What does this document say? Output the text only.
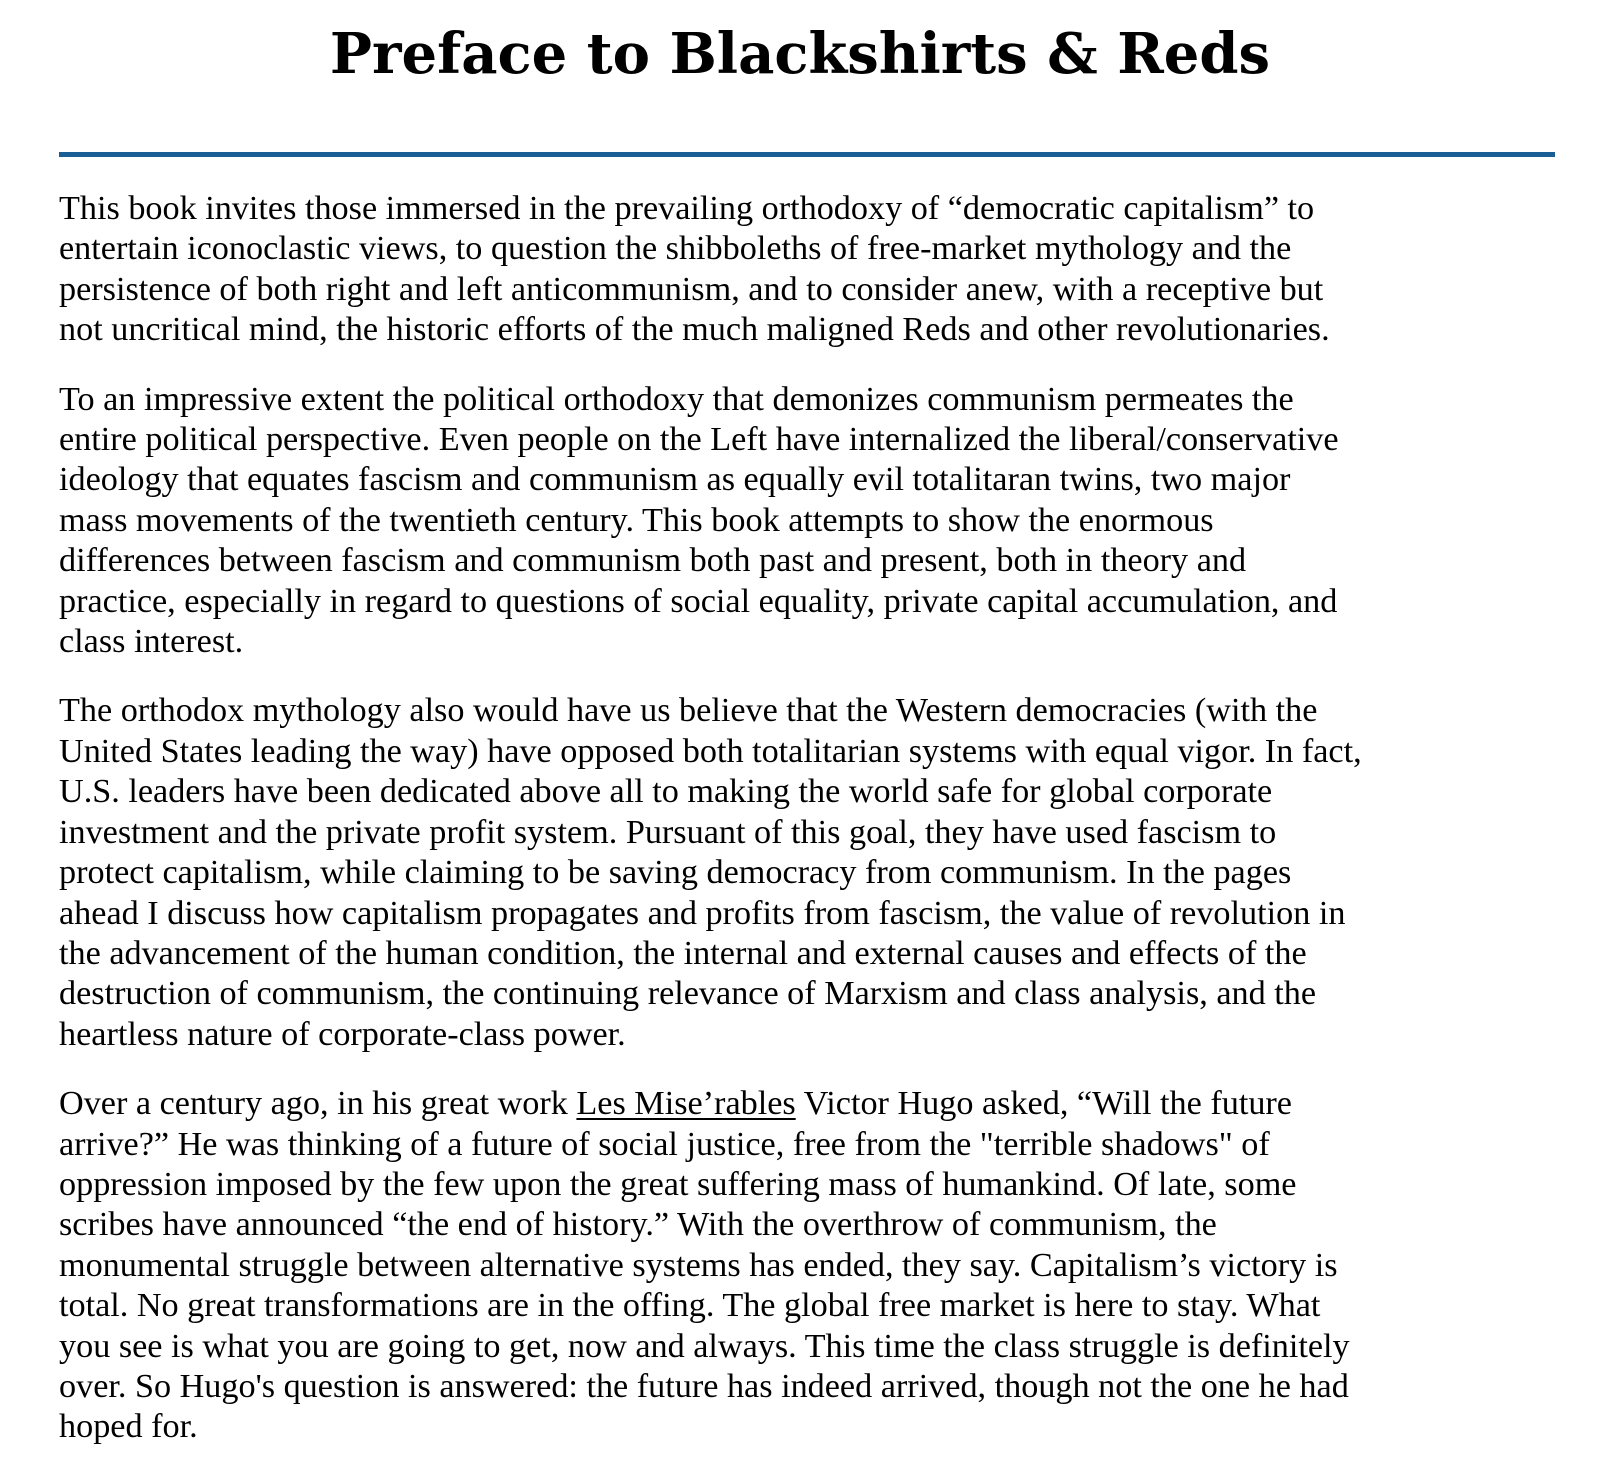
Preface to Blackshirts & Reds

This book invites those immersed in the prevailing orthodoxy of “democratic capitalism” to
entertain iconoclastic views, to question the shibboleths of free-market mythology and the
persistence of both right and left anticommunism, and to consider anew, with a receptive but
not uncritical mind, the historic efforts of the much maligned Reds and other revolutionaries.

To an impressive extent the political orthodoxy that demonizes communism permeates the
entire political perspective. Even people on the Left have internalized the liberal/conservative
ideology that equates fascism and communism as equally evil totalitaran twins, two major
mass movements of the twentieth century. This book attempts to show the enormous
differences between fascism and communism both past and present, both in theory and
practice, especially in regard to questions of social equality, private capital accumulation, and
class interest.

The orthodox mythology also would have us believe that the Western democracies (with the
United States leading the way) have opposed both totalitarian systems with equal vigor. In fact,
U.S. leaders have been dedicated above all to making the world safe for global corporate
investment and the private profit system. Pursuant of this goal, they have used fascism to
protect capitalism, while claiming to be saving democracy from communism. In the pages
ahead I discuss how capitalism propagates and profits from fascism, the value of revolution in
the advancement of the human condition, the internal and external causes and effects of the
destruction of communism, the continuing relevance of Marxism and class analysis, and the
heartless nature of corporate-class power.

Over a century ago, in his great work Les Mise’rables Victor Hugo asked, “Will the future
arrive?” He was thinking of a future of social justice, free from the "terrible shadows" of
oppression imposed by the few upon the great suffering mass of humankind. Of late, some
scribes have announced “the end of history.” With the overthrow of communism, the
monumental struggle between alternative systems has ended, they say. Capitalism’s victory is
total. No great transformations are in the offing. The global free market is here to stay. What
you see is what you are going to get, now and always. This time the class struggle is definitely
over. So Hugo's question is answered: the future has indeed arrived, though not the one he had
hoped for.
